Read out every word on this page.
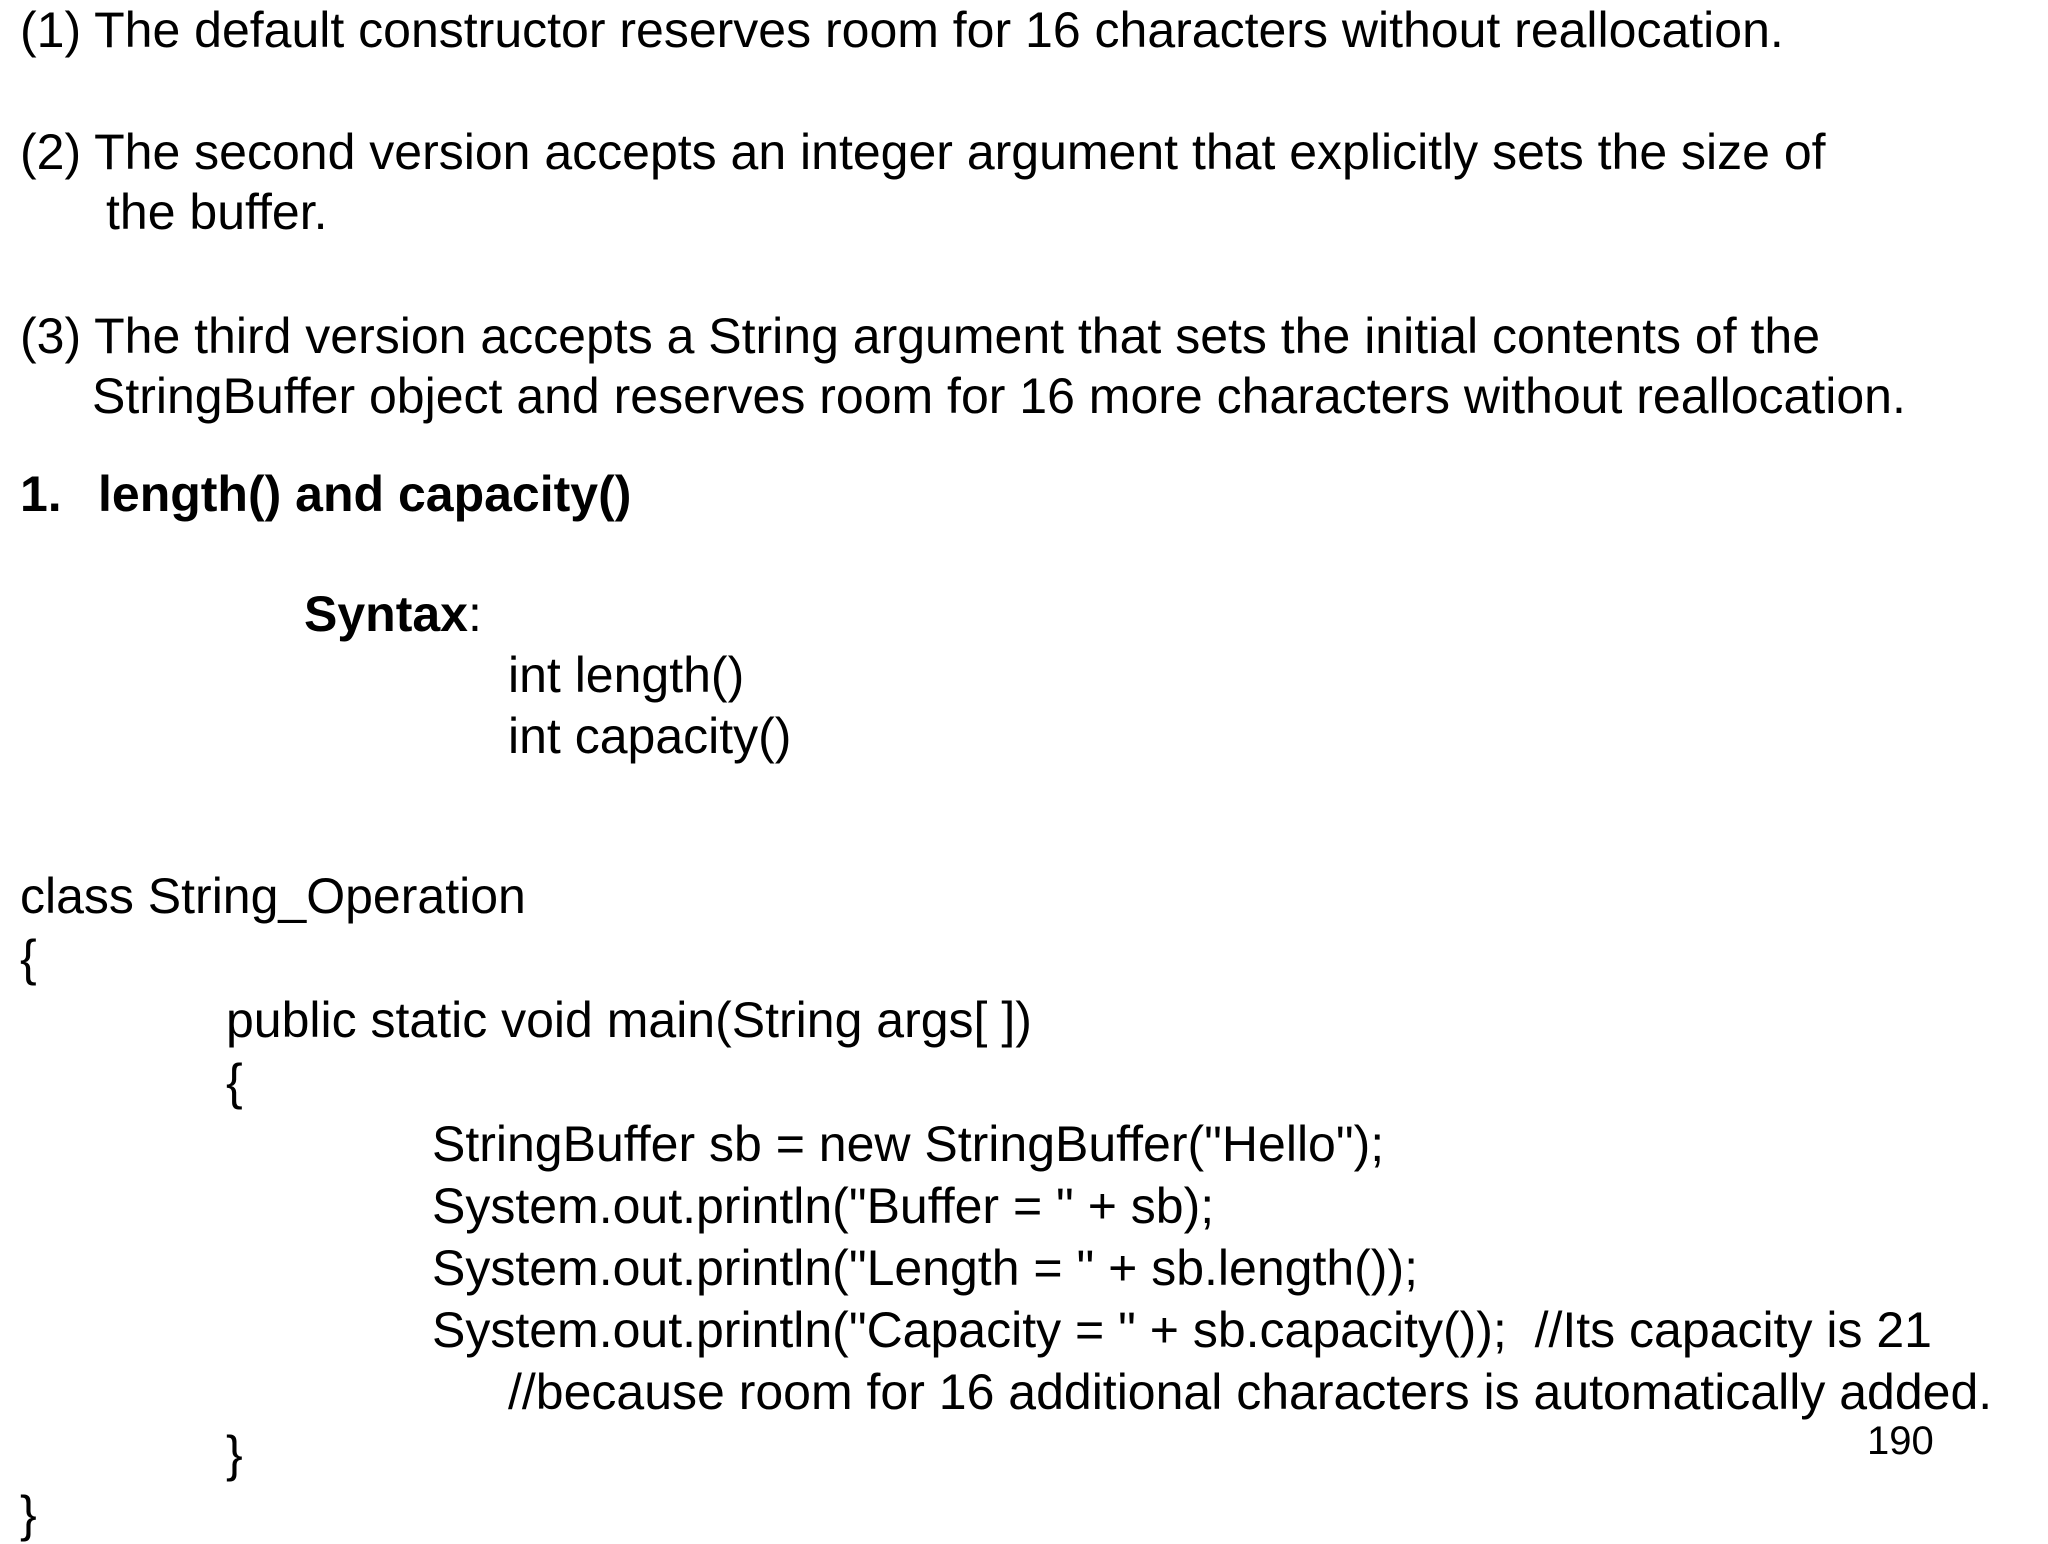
(1) The default constructor reserves room for 16 characters without reallocation.
(2) The second version accepts an integer argument that explicitly sets the size of
the buffer.
(3) The third version accepts a String argument that sets the initial contents of the
StringBuffer object and reserves room for 16 more characters without reallocation.
1. length() and capacity()
Syntax:
int length()
int capacity()
class String_Operation
{
public static void main(String args[ ])
{
StringBuffer sb = new StringBuffer("Hello");
System.out.println("Buffer = " + sb);
System.out.println("Length = " + sb.length());
System.out.println("Capacity = " + sb.capacity());  //Its capacity is 21
//because room for 16 additional characters is automatically added.
}
}
190
